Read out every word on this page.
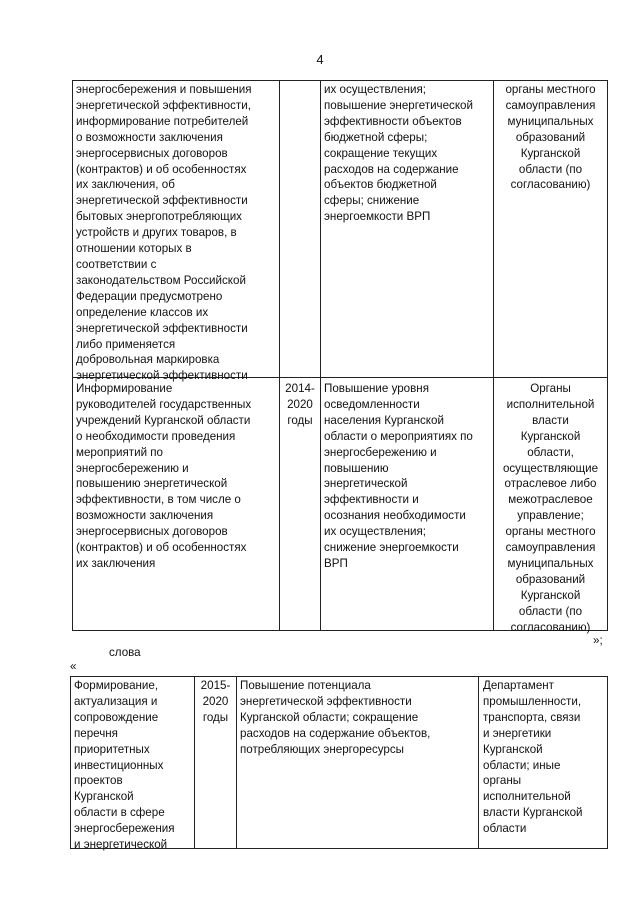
4
энергосбережения и повышения
энергетической эффективности,
информирование потребителей
о возможности заключения
энергосервисных договоров
(контрактов) и об особенностях
их заключения, об
энергетической эффективности
бытовых энергопотребляющих
устройств и других товаров, в
отношении которых в
соответствии с
законодательством Российской
Федерации предусмотрено
определение классов их
энергетической эффективности
либо применяется
добровольная маркировка
энергетической эффективности
их осуществления;
повышение энергетической
эффективности объектов
бюджетной сферы;
сокращение текущих
расходов на содержание
объектов бюджетной
сферы; снижение
энергоемкости ВРП
органы местного
самоуправления
муниципальных
образований
Курганской
области (по
согласованию)
Информирование
руководителей государственных
учреждений Курганской области
о необходимости проведения
мероприятий по
энергосбережению и
повышению энергетической
эффективности, в том числе о
возможности заключения
энергосервисных договоров
(контрактов) и об особенностях
их заключения
2014-
2020
годы
Повышение уровня
осведомленности
населения Курганской
области о мероприятиях по
энергосбережению и
повышению
энергетической
эффективности и
осознания необходимости
их осуществления;
снижение энергоемкости
ВРП
Органы
исполнительной
власти
Курганской
области,
осуществляющие
отраслевое либо
межотраслевое
управление;
органы местного
самоуправления
муниципальных
образований
Курганской
области (по
согласованию)
»;
слова
«
Формирование,
актуализация и
сопровождение
перечня
приоритетных
инвестиционных
проектов
Курганской
области в сфере
энергосбережения
и энергетической
2015-
2020
годы
Повышение потенциала
энергетической эффективности
Курганской области; сокращение
расходов на содержание объектов,
потребляющих энергоресурсы
Департамент
промышленности,
транспорта, связи
и энергетики
Курганской
области; иные
органы
исполнительной
власти Курганской
области
